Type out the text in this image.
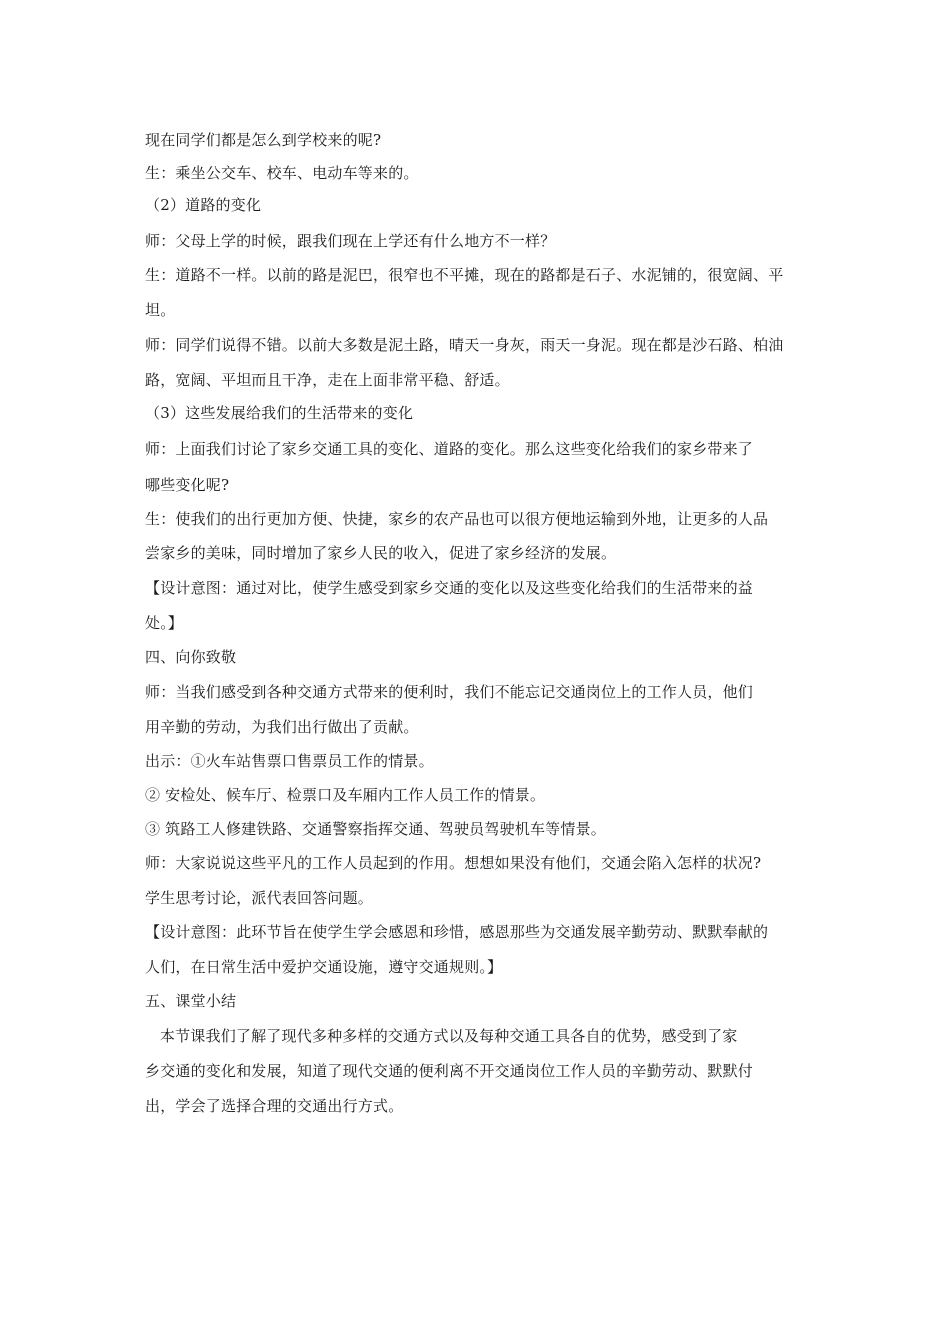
现在同学们都是怎么到学校来的呢?
生：乘坐公交车、校车、电动车等来的。
（2）道路的变化
师：父母上学的时候，跟我们现在上学还有什么地方不一样？
生：道路不一样。以前的路是泥巴，很窄也不平摊，现在的路都是石子、水泥铺的，很宽阔、平
坦。
师：同学们说得不错。以前大多数是泥土路，晴天一身灰，雨天一身泥。现在都是沙石路、柏油
路，宽阔、平坦而且干净，走在上面非常平稳、舒适。
（3）这些发展给我们的生活带来的变化
师：上面我们讨论了家乡交通工具的变化、道路的变化。那么这些变化给我们的家乡带来了
哪些变化呢?
生：使我们的出行更加方便、快捷，家乡的农产品也可以很方便地运输到外地，让更多的人品
尝家乡的美味，同时增加了家乡人民的收入，促进了家乡经济的发展。
【设计意图：通过对比，使学生感受到家乡交通的变化以及这些变化给我们的生活带来的益
处。】
四、向你致敬
师：当我们感受到各种交通方式带来的便利时，我们不能忘记交通岗位上的工作人员，他们
用辛勤的劳动，为我们出行做出了贡献。
出示：①火车站售票口售票员工作的情景。
② 安检处、候车厅、检票口及车厢内工作人员工作的情景。
③ 筑路工人修建铁路、交通警察指挥交通、驾驶员驾驶机车等情景。
师：大家说说这些平凡的工作人员起到的作用。想想如果没有他们，交通会陷入怎样的状况?
学生思考讨论，派代表回答问题。
【设计意图：此环节旨在使学生学会感恩和珍惜，感恩那些为交通发展辛勤劳动、默默奉献的
人们，在日常生活中爱护交通设施，遵守交通规则。】
五、课堂小结
本节课我们了解了现代多种多样的交通方式以及每种交通工具各自的优势，感受到了家
乡交通的变化和发展，知道了现代交通的便利离不开交通岗位工作人员的辛勤劳动、默默付
出，学会了选择合理的交通出行方式。
